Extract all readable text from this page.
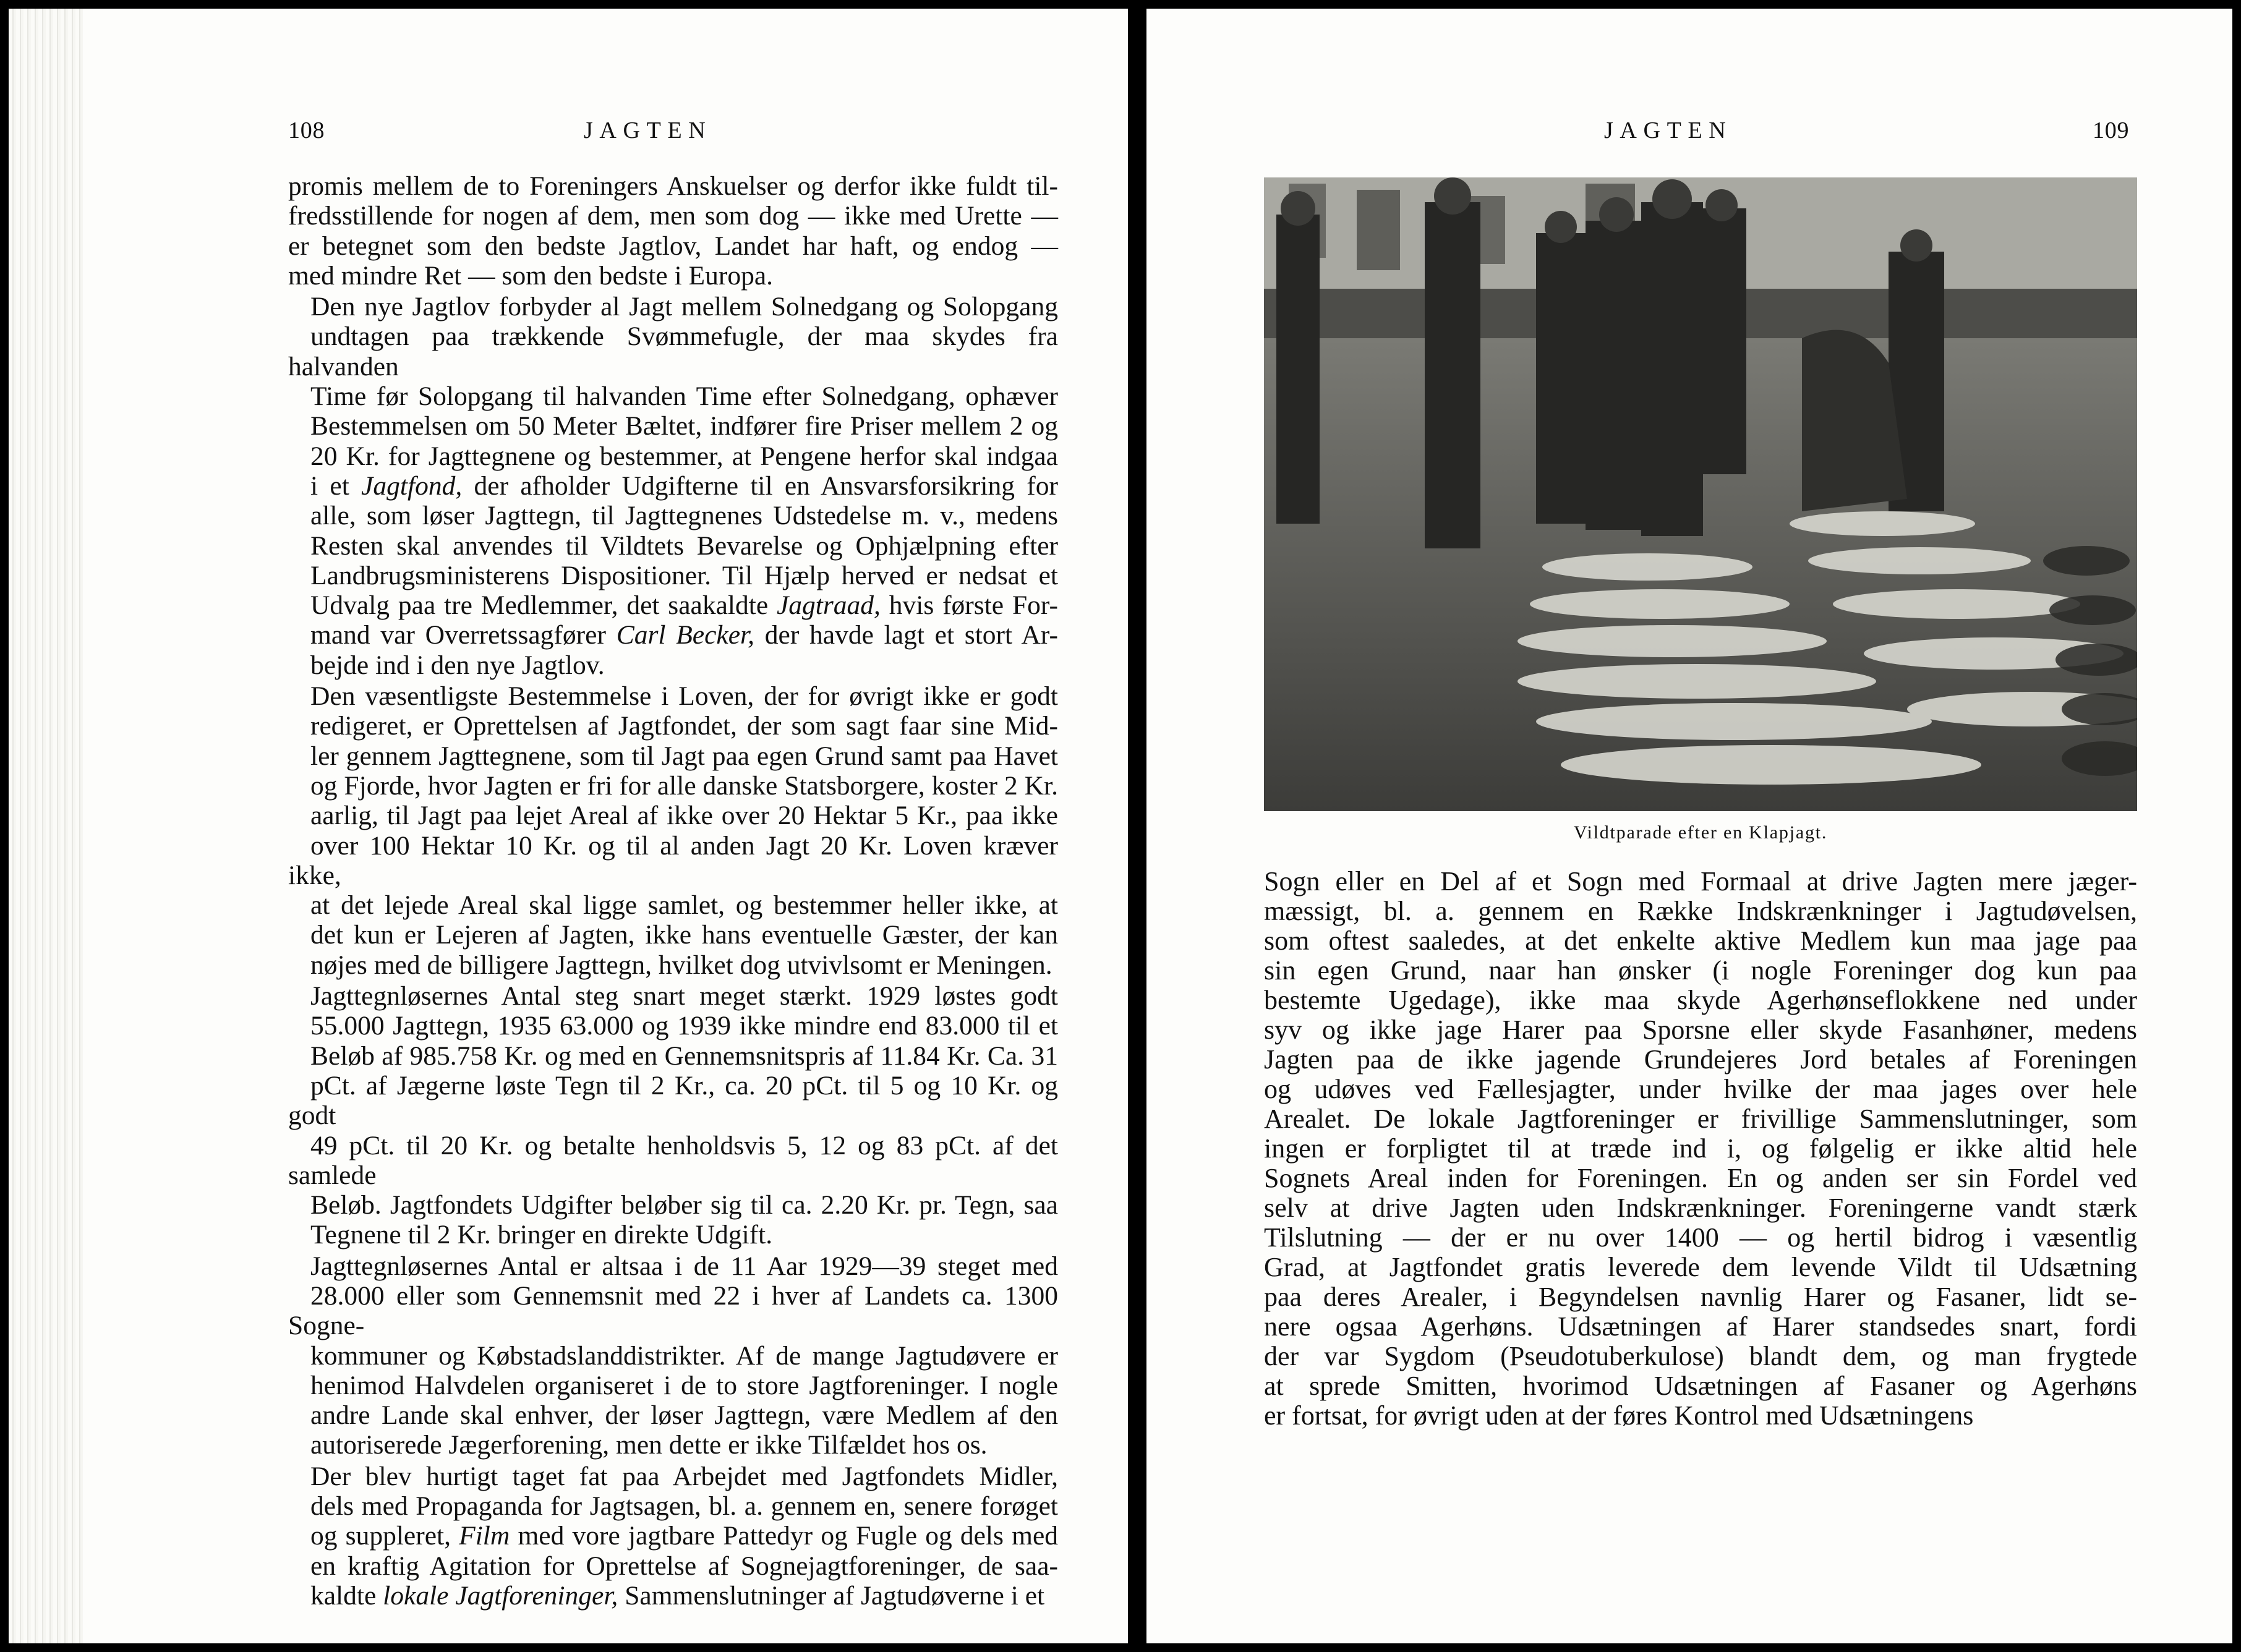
108	JAGTEN

promis mellem de to Foreningers Anskuelser og derfor ikke fuldt til-
fredsstillende for nogen af dem, men som dog — ikke med Urette —
er betegnet som den bedste Jagtlov, Landet har haft, og endog —
med mindre Ret — som den bedste i Europa.

Den nye Jagtlov forbyder al Jagt mellem Solnedgang og Solopgang
undtagen paa trækkende Svømmefugle, der maa skydes fra halvanden
Time før Solopgang til halvanden Time efter Solnedgang, ophæver
Bestemmelsen om 50 Meter Bæltet, indfører fire Priser mellem 2 og
20 Kr. for Jagttegnene og bestemmer, at Pengene herfor skal indgaa
i et Jagtfond, der afholder Udgifterne til en Ansvarsforsikring for
alle, som løser Jagttegn, til Jagttegnenes Udstedelse m. v., medens
Resten skal anvendes til Vildtets Bevarelse og Ophjælpning efter
Landbrugsministerens Dispositioner. Til Hjælp herved er nedsat et
Udvalg paa tre Medlemmer, det saakaldte Jagtraad, hvis første For-
mand var Overretssagfører Carl Becker, der havde lagt et stort Ar-
bejde ind i den nye Jagtlov.

Den væsentligste Bestemmelse i Loven, der for øvrigt ikke er godt
redigeret, er Oprettelsen af Jagtfondet, der som sagt faar sine Mid-
ler gennem Jagttegnene, som til Jagt paa egen Grund samt paa Havet
og Fjorde, hvor Jagten er fri for alle danske Statsborgere, koster 2 Kr.
aarlig, til Jagt paa lejet Areal af ikke over 20 Hektar 5 Kr., paa ikke
over 100 Hektar 10 Kr. og til al anden Jagt 20 Kr. Loven kræver ikke,
at det lejede Areal skal ligge samlet, og bestemmer heller ikke, at
det kun er Lejeren af Jagten, ikke hans eventuelle Gæster, der kan
nøjes med de billigere Jagttegn, hvilket dog utvivlsomt er Meningen.

Jagttegnløsernes Antal steg snart meget stærkt. 1929 løstes godt
55.000 Jagttegn, 1935 63.000 og 1939 ikke mindre end 83.000 til et
Beløb af 985.758 Kr. og med en Gennemsnitspris af 11.84 Kr. Ca. 31
pCt. af Jægerne løste Tegn til 2 Kr., ca. 20 pCt. til 5 og 10 Kr. og godt
49 pCt. til 20 Kr. og betalte henholdsvis 5, 12 og 83 pCt. af det samlede
Beløb. Jagtfondets Udgifter beløber sig til ca. 2.20 Kr. pr. Tegn, saa
Tegnene til 2 Kr. bringer en direkte Udgift.

Jagttegnløsernes Antal er altsaa i de 11 Aar 1929—39 steget med
28.000 eller som Gennemsnit med 22 i hver af Landets ca. 1300 Sogne-
kommuner og Købstadslanddistrikter. Af de mange Jagtudøvere er
henimod Halvdelen organiseret i de to store Jagtforeninger. I nogle
andre Lande skal enhver, der løser Jagttegn, være Medlem af den
autoriserede Jægerforening, men dette er ikke Tilfældet hos os.

Der blev hurtigt taget fat paa Arbejdet med Jagtfondets Midler,
dels med Propaganda for Jagtsagen, bl. a. gennem en, senere forøget
og suppleret, Film med vore jagtbare Pattedyr og Fugle og dels med
en kraftig Agitation for Oprettelse af Sognejagtforeninger, de saa-
kaldte lokale Jagtforeninger, Sammenslutninger af Jagtudøverne i et

JAGTEN	109
Vildtparade efter en Klapjagt.

Sogn eller en Del af et Sogn med Formaal at drive Jagten mere jæger-
mæssigt, bl. a. gennem en Række Indskrænkninger i Jagtudøvelsen,
som oftest saaledes, at det enkelte aktive Medlem kun maa jage paa
sin egen Grund, naar han ønsker (i nogle Foreninger dog kun paa
bestemte Ugedage), ikke maa skyde Agerhønseflokkene ned under
syv og ikke jage Harer paa Sporsne eller skyde Fasanhøner, medens
Jagten paa de ikke jagende Grundejeres Jord betales af Foreningen
og udøves ved Fællesjagter, under hvilke der maa jages over hele
Arealet. De lokale Jagtforeninger er frivillige Sammenslutninger, som
ingen er forpligtet til at træde ind i, og følgelig er ikke altid hele
Sognets Areal inden for Foreningen. En og anden ser sin Fordel ved
selv at drive Jagten uden Indskrænkninger. Foreningerne vandt stærk
Tilslutning — der er nu over 1400 — og hertil bidrog i væsentlig
Grad, at Jagtfondet gratis leverede dem levende Vildt til Udsætning
paa deres Arealer, i Begyndelsen navnlig Harer og Fasaner, lidt se-
nere ogsaa Agerhøns. Udsætningen af Harer standsedes snart, fordi
der var Sygdom (Pseudotuberkulose) blandt dem, og man frygtede
at sprede Smitten, hvorimod Udsætningen af Fasaner og Agerhøns
er fortsat, for øvrigt uden at der føres Kontrol med Udsætningens
